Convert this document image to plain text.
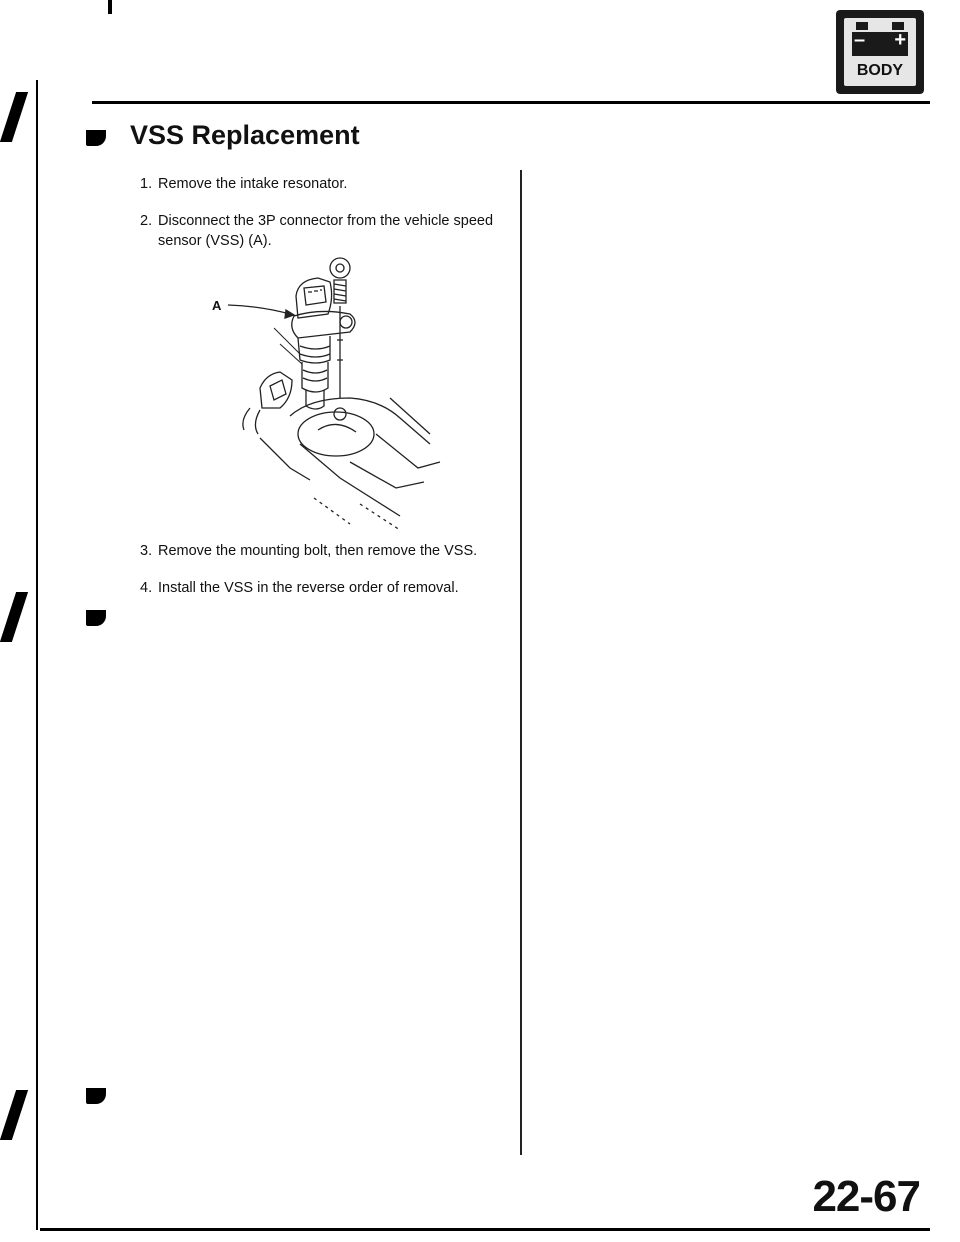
– +
BODY
VSS Replacement
1. Remove the intake resonator.
2. Disconnect the 3P connector from the vehicle speed sensor (VSS) (A).
A
3. Remove the mounting bolt, then remove the VSS.
4. Install the VSS in the reverse order of removal.
22-67
